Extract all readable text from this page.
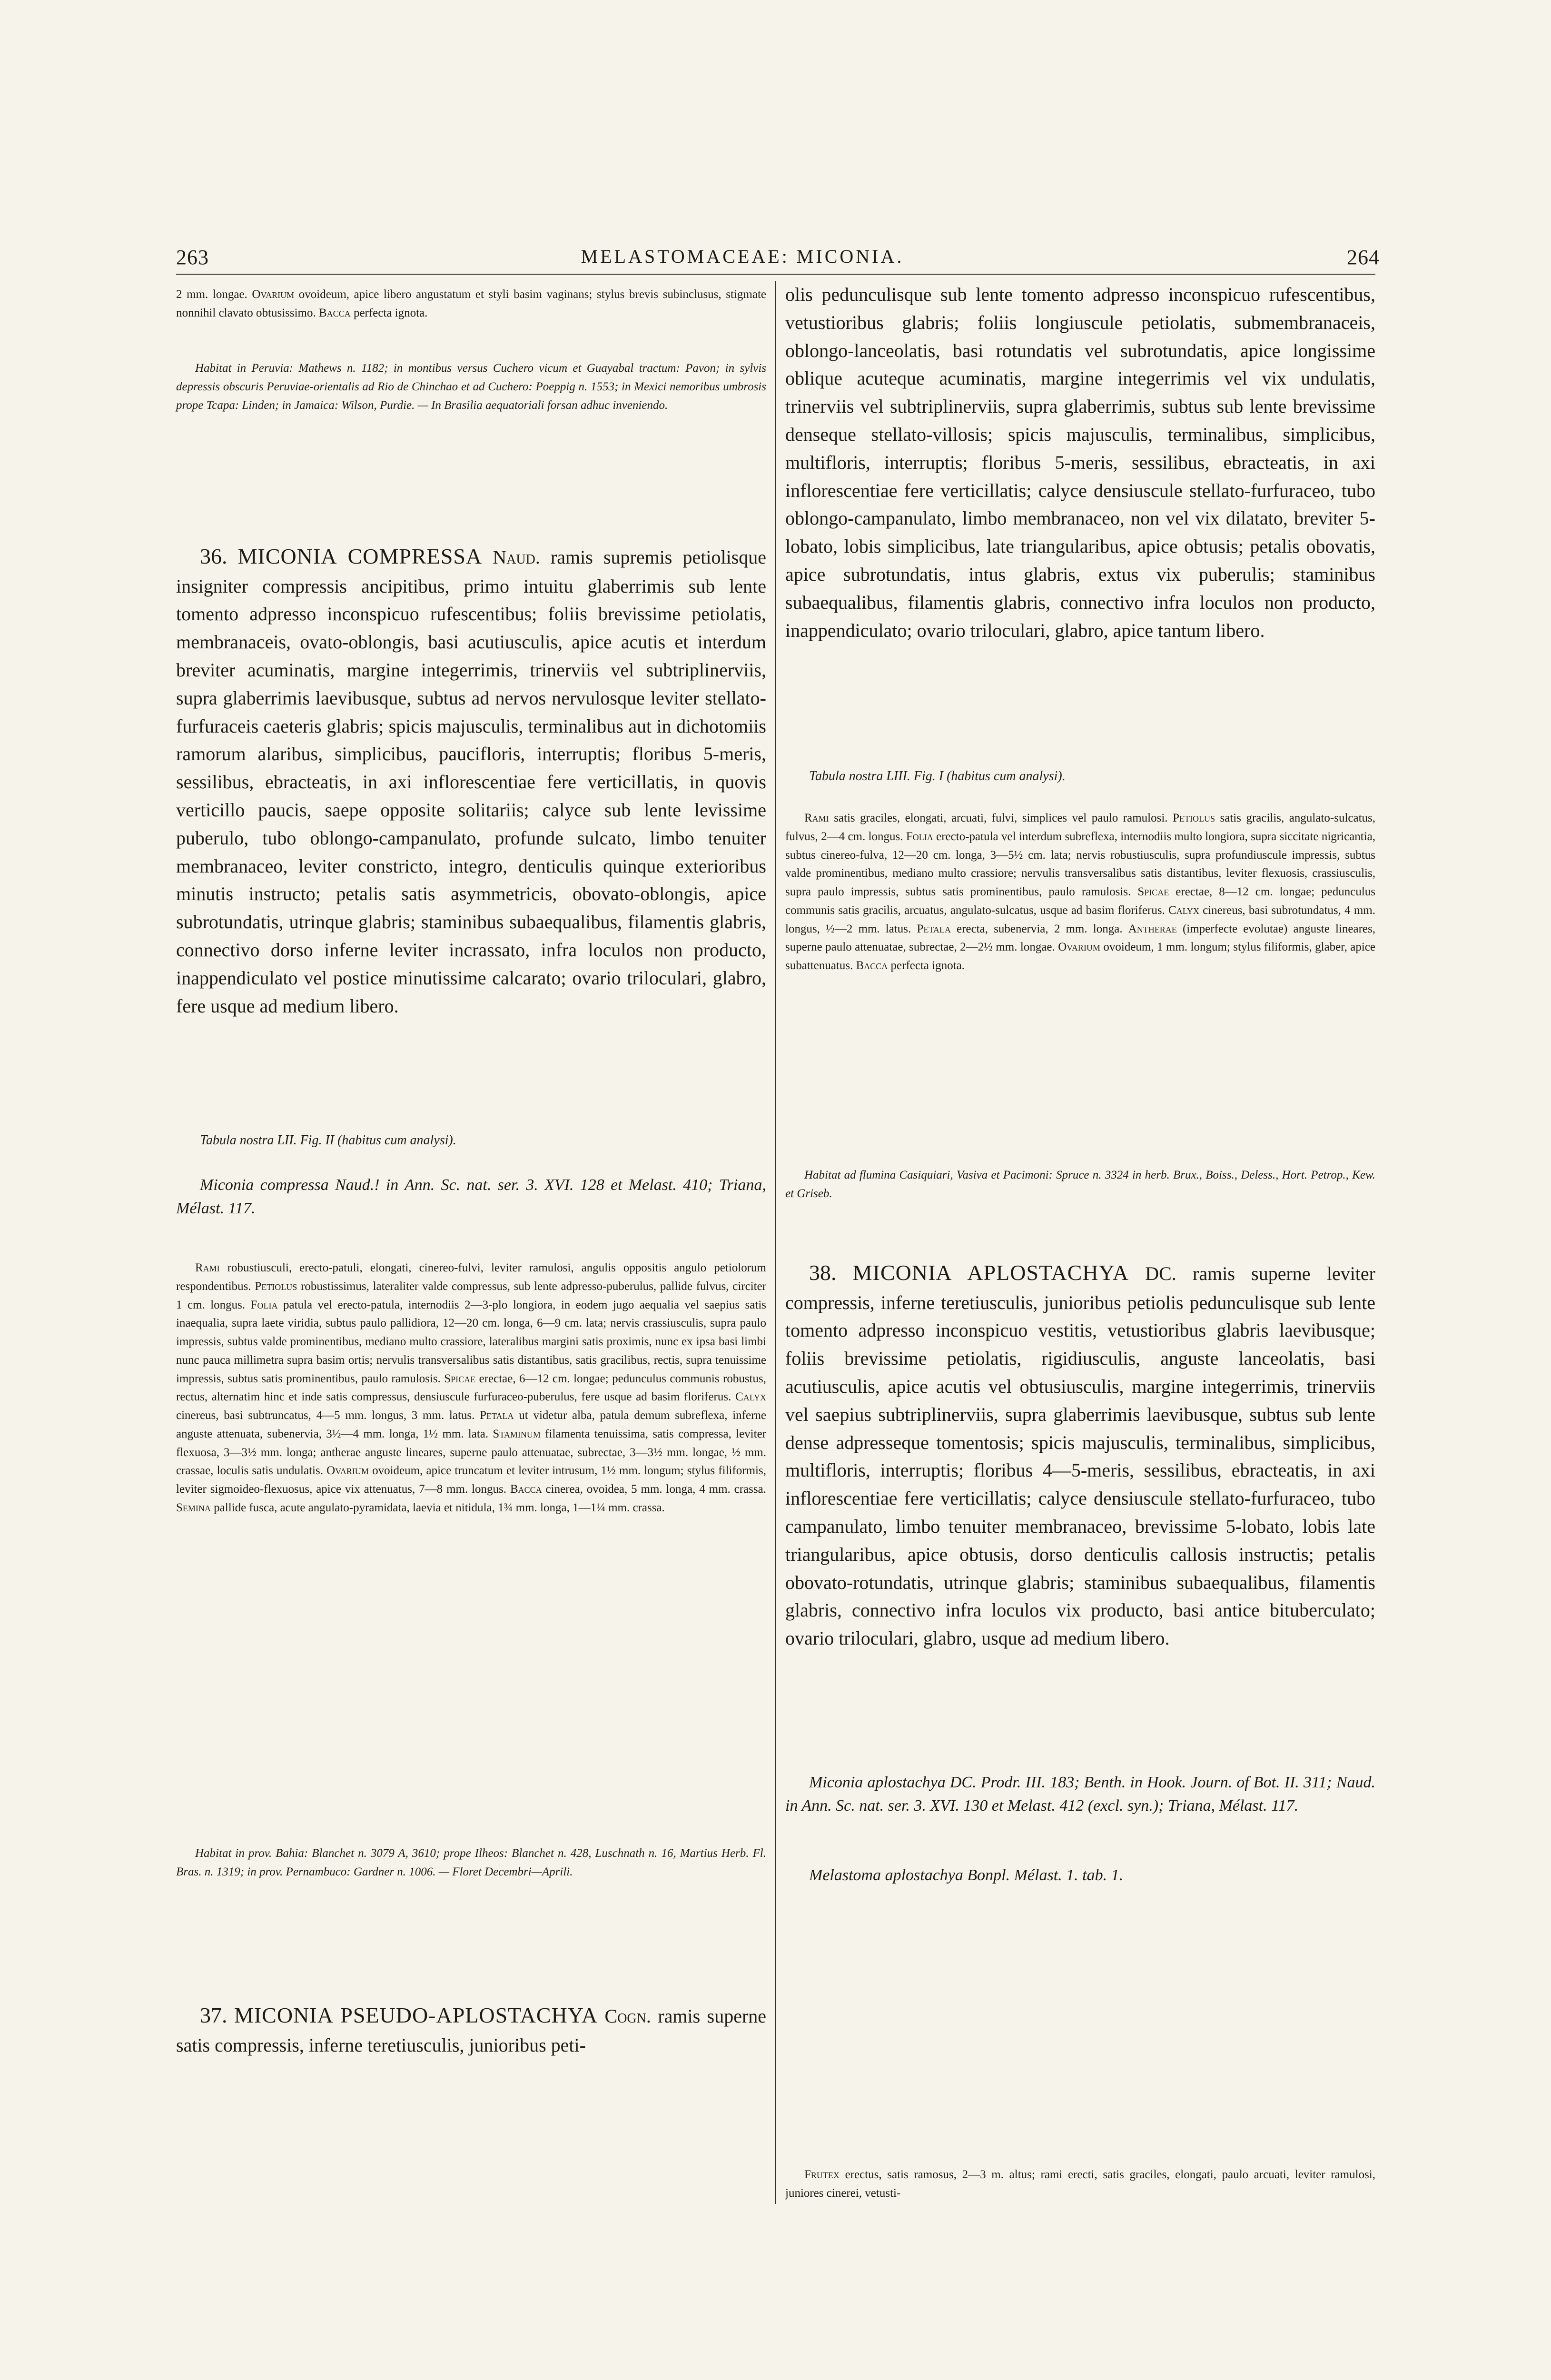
263	MELASTOMACEAE: MICONIA.	264

2 mm. longae. Ovarium ovoideum, apice libero angustatum et styli basim vaginans; stylus brevis subinclusus, stigmate nonnihil clavato obtusissimo. Bacca perfecta ignota.

Habitat in Peruvia: Mathews n. 1182; in montibus versus Cuchero vicum et Guayabal tractum: Pavon; in sylvis depressis obscuris Peruviae-orientalis ad Rio de Chinchao et ad Cuchero: Poeppig n. 1553; in Mexici nemoribus umbrosis prope Tcapa: Linden; in Jamaica: Wilson, Purdie. — In Brasilia aequatoriali forsan adhuc inveniendo.

36. MICONIA COMPRESSA Naud. ramis supremis petiolisque insigniter compressis ancipitibus, primo intuitu glaberrimis sub lente tomento adpresso inconspicuo rufescentibus; foliis brevissime petiolatis, membranaceis, ovato-oblongis, basi acutiusculis, apice acutis et interdum breviter acuminatis, margine integerrimis, trinerviis vel subtriplinerviis, supra glaberrimis laevibusque, subtus ad nervos nervulosque leviter stellato-furfuraceis caeteris glabris; spicis majusculis, terminalibus aut in dichotomiis ramorum alaribus, simplicibus, paucifloris, interruptis; floribus 5-meris, sessilibus, ebracteatis, in axi inflorescentiae fere verticillatis, in quovis verticillo paucis, saepe opposite solitariis; calyce sub lente levissime puberulo, tubo oblongo-campanulato, profunde sulcato, limbo tenuiter membranaceo, leviter constricto, integro, denticulis quinque exterioribus minutis instructo; petalis satis asymmetricis, obovato-oblongis, apice subrotundatis, utrinque glabris; staminibus subaequalibus, filamentis glabris, connectivo dorso inferne leviter incrassato, infra loculos non producto, inappendiculato vel postice minutissime calcarato; ovario triloculari, glabro, fere usque ad medium libero.

Tabula nostra LII. Fig. II (habitus cum analysi).

Miconia compressa Naud.! in Ann. Sc. nat. ser. 3. XVI. 128 et Melast. 410; Triana, Mélast. 117.

Rami robustiusculi, erecto-patuli, elongati, cinereo-fulvi, leviter ramulosi, angulis oppositis angulo petiolorum respondentibus. Petiolus robustissimus, lateraliter valde compressus, sub lente adpresso-puberulus, pallide fulvus, circiter 1 cm. longus. Folia patula vel erecto-patula, internodiis 2—3-plo longiora, in eodem jugo aequalia vel saepius satis inaequalia, supra laete viridia, subtus paulo pallidiora, 12—20 cm. longa, 6—9 cm. lata; nervis crassiusculis, supra paulo impressis, subtus valde prominentibus, mediano multo crassiore, lateralibus margini satis proximis, nunc ex ipsa basi limbi nunc pauca millimetra supra basim ortis; nervulis transversalibus satis distantibus, satis gracilibus, rectis, supra tenuissime impressis, subtus satis prominentibus, paulo ramulosis. Spicae erectae, 6—12 cm. longae; pedunculus communis robustus, rectus, alternatim hinc et inde satis compressus, densiuscule furfuraceo-puberulus, fere usque ad basim floriferus. Calyx cinereus, basi subtruncatus, 4—5 mm. longus, 3 mm. latus. Petala ut videtur alba, patula demum subreflexa, inferne anguste attenuata, subenervia, 3½—4 mm. longa, 1½ mm. lata. Staminum filamenta tenuissima, satis compressa, leviter flexuosa, 3—3½ mm. longa; antherae anguste lineares, superne paulo attenuatae, subrectae, 3—3½ mm. longae, ½ mm. crassae, loculis satis undulatis. Ovarium ovoideum, apice truncatum et leviter intrusum, 1½ mm. longum; stylus filiformis, leviter sigmoideo-flexuosus, apice vix attenuatus, 7—8 mm. longus. Bacca cinerea, ovoidea, 5 mm. longa, 4 mm. crassa. Semina pallide fusca, acute angulato-pyramidata, laevia et nitidula, 1¾ mm. longa, 1—1¼ mm. crassa.

Habitat in prov. Bahia: Blanchet n. 3079 A, 3610; prope Ilheos: Blanchet n. 428, Luschnath n. 16, Martius Herb. Fl. Bras. n. 1319; in prov. Pernambuco: Gardner n. 1006. — Floret Decembri—Aprili.

37. MICONIA PSEUDO-APLOSTACHYA Cogn. ramis superne satis compressis, inferne teretiusculis, junioribus peti-

olis pedunculisque sub lente tomento adpresso inconspicuo rufescentibus, vetustioribus glabris; foliis longiuscule petiolatis, submembranaceis, oblongo-lanceolatis, basi rotundatis vel subrotundatis, apice longissime oblique acuteque acuminatis, margine integerrimis vel vix undulatis, trinerviis vel subtriplinerviis, supra glaberrimis, subtus sub lente brevissime denseque stellato-villosis; spicis majusculis, terminalibus, simplicibus, multifloris, interruptis; floribus 5-meris, sessilibus, ebracteatis, in axi inflorescentiae fere verticillatis; calyce densiuscule stellato-furfuraceo, tubo oblongo-campanulato, limbo membranaceo, non vel vix dilatato, breviter 5-lobato, lobis simplicibus, late triangularibus, apice obtusis; petalis obovatis, apice subrotundatis, intus glabris, extus vix puberulis; staminibus subaequalibus, filamentis glabris, connectivo infra loculos non producto, inappendiculato; ovario triloculari, glabro, apice tantum libero.

Tabula nostra LIII. Fig. I (habitus cum analysi).

Rami satis graciles, elongati, arcuati, fulvi, simplices vel paulo ramulosi. Petiolus satis gracilis, angulato-sulcatus, fulvus, 2—4 cm. longus. Folia erecto-patula vel interdum subreflexa, internodiis multo longiora, supra siccitate nigricantia, subtus cinereo-fulva, 12—20 cm. longa, 3—5½ cm. lata; nervis robustiusculis, supra profundiuscule impressis, subtus valde prominentibus, mediano multo crassiore; nervulis transversalibus satis distantibus, leviter flexuosis, crassiusculis, supra paulo impressis, subtus satis prominentibus, paulo ramulosis. Spicae erectae, 8—12 cm. longae; pedunculus communis satis gracilis, arcuatus, angulato-sulcatus, usque ad basim floriferus. Calyx cinereus, basi subrotundatus, 4 mm. longus, ½—2 mm. latus. Petala erecta, subenervia, 2 mm. longa. Antherae (imperfecte evolutae) anguste lineares, superne paulo attenuatae, subrectae, 2—2½ mm. longae. Ovarium ovoideum, 1 mm. longum; stylus filiformis, glaber, apice subattenuatus. Bacca perfecta ignota.

Habitat ad flumina Casiquiari, Vasiva et Pacimoni: Spruce n. 3324 in herb. Brux., Boiss., Deless., Hort. Petrop., Kew. et Griseb.

38. MICONIA APLOSTACHYA DC. ramis superne leviter compressis, inferne teretiusculis, junioribus petiolis pedunculisque sub lente tomento adpresso inconspicuo vestitis, vetustioribus glabris laevibusque; foliis brevissime petiolatis, rigidiusculis, anguste lanceolatis, basi acutiusculis, apice acutis vel obtusiusculis, margine integerrimis, trinerviis vel saepius subtriplinerviis, supra glaberrimis laevibusque, subtus sub lente dense adpresseque tomentosis; spicis majusculis, terminalibus, simplicibus, multifloris, interruptis; floribus 4—5-meris, sessilibus, ebracteatis, in axi inflorescentiae fere verticillatis; calyce densiuscule stellato-furfuraceo, tubo campanulato, limbo tenuiter membranaceo, brevissime 5-lobato, lobis late triangularibus, apice obtusis, dorso denticulis callosis instructis; petalis obovato-rotundatis, utrinque glabris; staminibus subaequalibus, filamentis glabris, connectivo infra loculos vix producto, basi antice bituberculato; ovario triloculari, glabro, usque ad medium libero.

Miconia aplostachya DC. Prodr. III. 183; Benth. in Hook. Journ. of Bot. II. 311; Naud. in Ann. Sc. nat. ser. 3. XVI. 130 et Melast. 412 (excl. syn.); Triana, Mélast. 117.

Melastoma aplostachya Bonpl. Mélast. 1. tab. 1.

Frutex erectus, satis ramosus, 2—3 m. altus; rami erecti, satis graciles, elongati, paulo arcuati, leviter ramulosi, juniores cinerei, vetusti-
